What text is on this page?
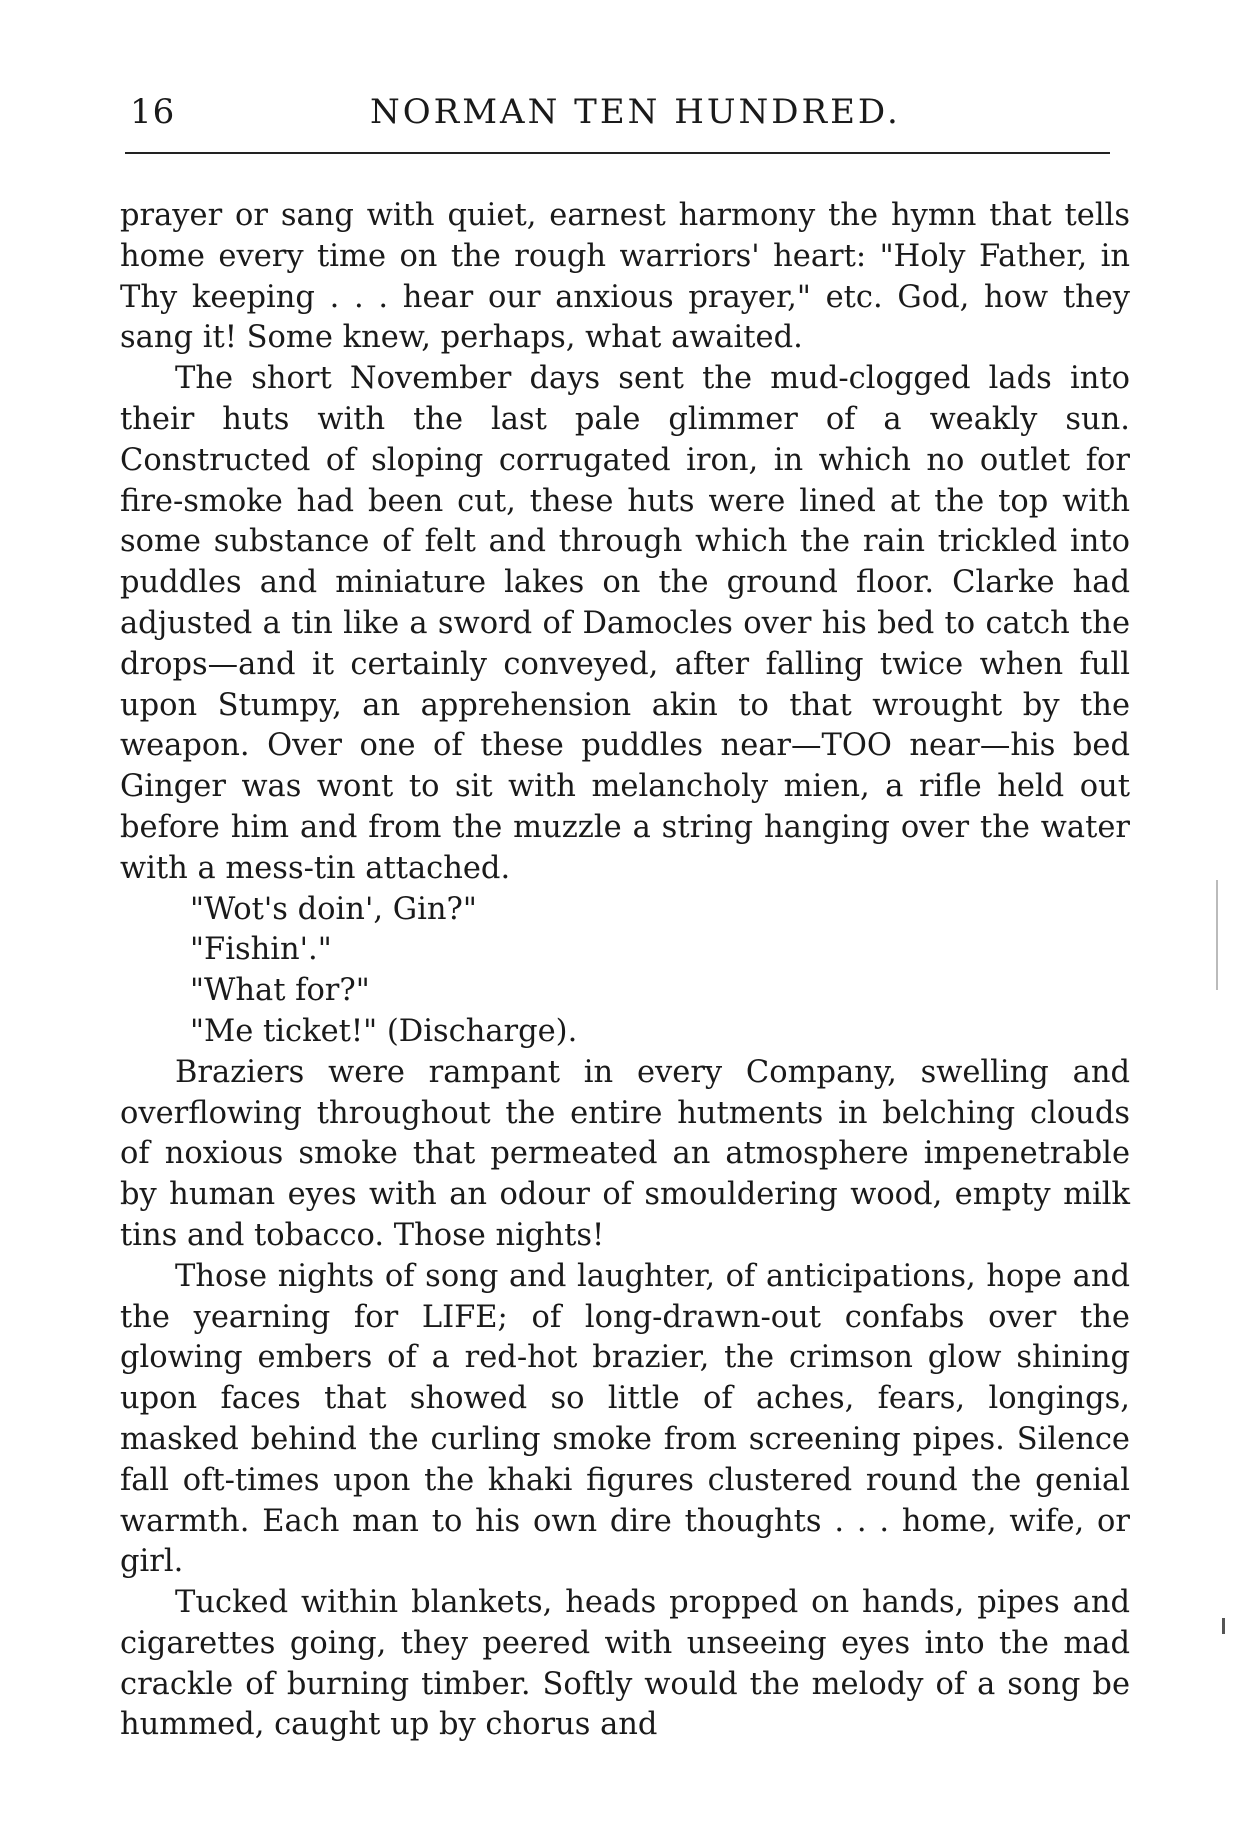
16	NORMAN TEN HUNDRED.

prayer or sang with quiet, earnest harmony the hymn that tells home every time on the rough warriors' heart: "Holy Father, in Thy keeping . . . hear our anxious prayer," etc. God, how they sang it! Some knew, perhaps, what awaited.

The short November days sent the mud-clogged lads into their huts with the last pale glimmer of a weakly sun. Constructed of sloping corrugated iron, in which no outlet for fire-smoke had been cut, these huts were lined at the top with some substance of felt and through which the rain trickled into puddles and miniature lakes on the ground floor. Clarke had adjusted a tin like a sword of Damocles over his bed to catch the drops—and it certainly conveyed, after falling twice when full upon Stumpy, an apprehension akin to that wrought by the weapon. Over one of these puddles near—TOO near—his bed Ginger was wont to sit with melancholy mien, a rifle held out before him and from the muzzle a string hanging over the water with a mess-tin attached.

"Wot's doin', Gin?"

"Fishin'."

"What for?"

"Me ticket!" (Discharge).

Braziers were rampant in every Company, swelling and overflowing throughout the entire hutments in belching clouds of noxious smoke that permeated an atmosphere impenetrable by human eyes with an odour of smouldering wood, empty milk tins and tobacco. Those nights!

Those nights of song and laughter, of anticipations, hope and the yearning for LIFE; of long-drawn-out confabs over the glowing embers of a red-hot brazier, the crimson glow shining upon faces that showed so little of aches, fears, longings, masked behind the curling smoke from screening pipes. Silence fall oft-times upon the khaki figures clustered round the genial warmth. Each man to his own dire thoughts . . . home, wife, or girl.

Tucked within blankets, heads propped on hands, pipes and cigarettes going, they peered with unseeing eyes into the mad crackle of burning timber. Softly would the melody of a song be hummed, caught up by chorus and
